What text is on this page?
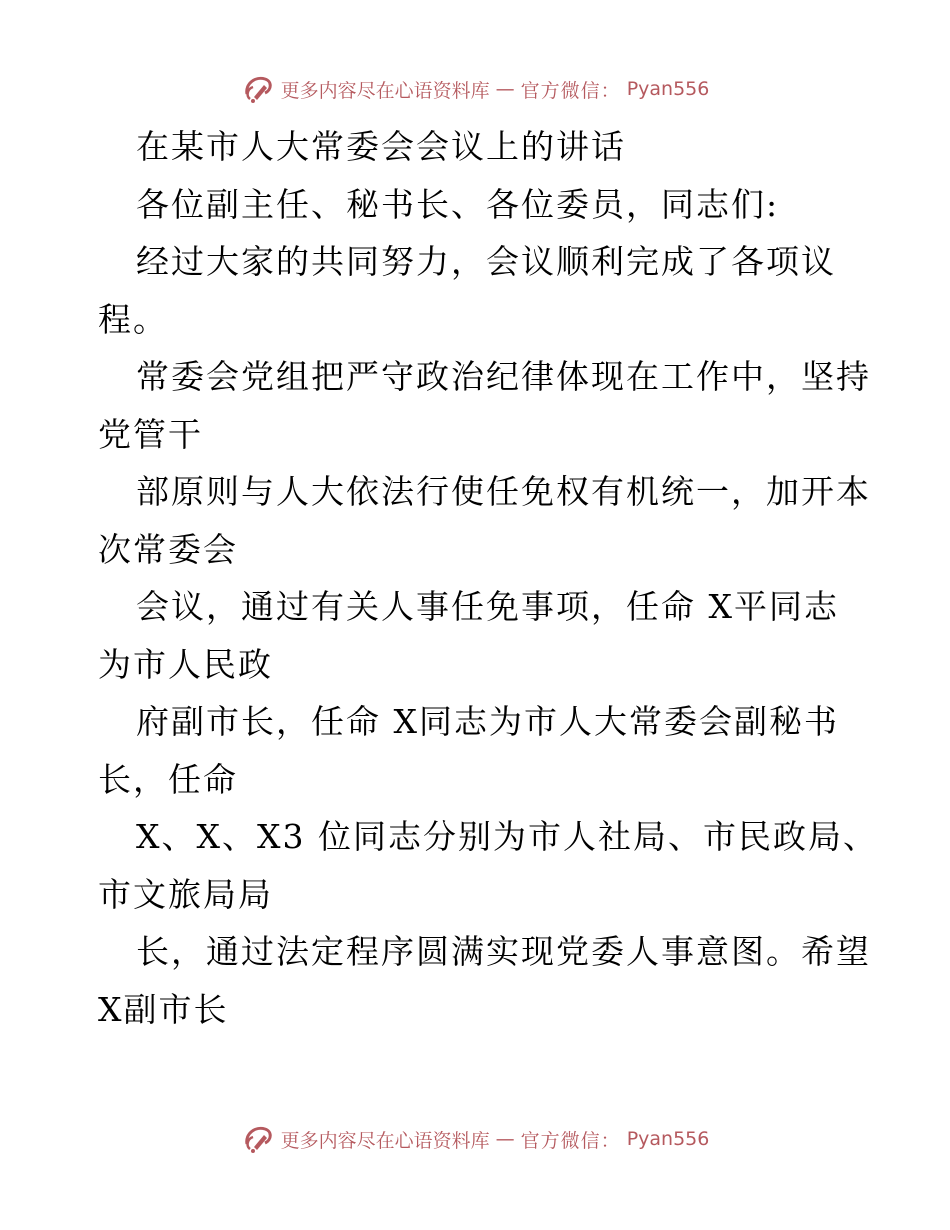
更多内容尽在心语资料库 — 官方微信： Pyan556
在某市人大常委会会议上的讲话
各位副主任、秘书长、各位委员，同志们:
经过大家的共同努力，会议顺利完成了各项议
程。
常委会党组把严守政治纪律体现在工作中，坚持
党管干
部原则与人大依法行使任免权有机统一，加开本
次常委会
会议，通过有关人事任免事项，任命 X平同志
为市人民政
府副市长，任命 X同志为市人大常委会副秘书
长，任命
X、X、X3 位同志分别为市人社局、市民政局、
市文旅局局
长，通过法定程序圆满实现党委人事意图。希望
X副市长
更多内容尽在心语资料库 — 官方微信： Pyan556
